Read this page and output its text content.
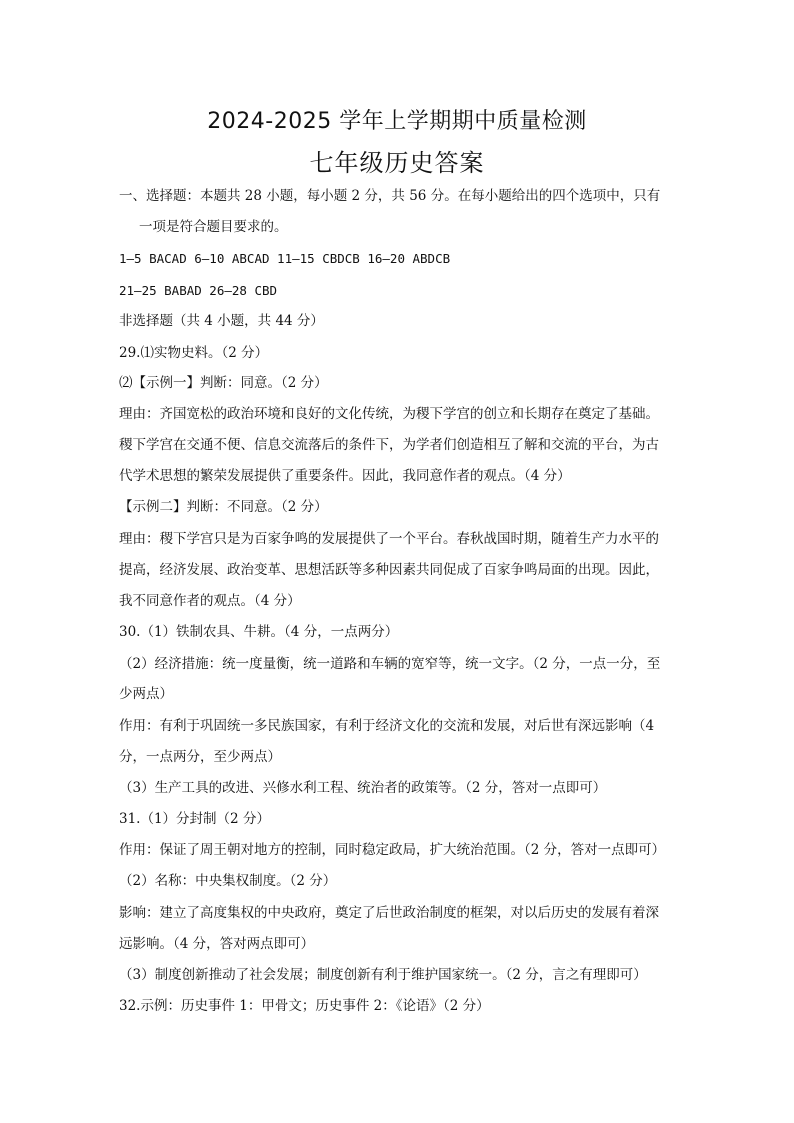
2024-2025 学年上学期期中质量检测
七年级历史答案
一、选择题：本题共 28 小题，每小题 2 分，共 56 分。在每小题给出的四个选项中，只有
一项是符合题目要求的。
1—5 BACAD 6—10 ABCAD 11—15 CBDCB 16—20 ABDCB
21—25 BABAD 26—28 CBD
非选择题（共 4 小题，共 44 分）
29.⑴实物史料。（2 分）
⑵【示例一】判断：同意。（2 分）
理由：齐国宽松的政治环境和良好的文化传统，为稷下学宫的创立和长期存在奠定了基础。
稷下学宫在交通不便、信息交流落后的条件下，为学者们创造相互了解和交流的平台，为古
代学术思想的繁荣发展提供了重要条件。因此，我同意作者的观点。（4 分）
【示例二】判断：不同意。（2 分）
理由：稷下学宫只是为百家争鸣的发展提供了一个平台。春秋战国时期，随着生产力水平的
提高，经济发展、政治变革、思想活跃等多种因素共同促成了百家争鸣局面的出现。因此，
我不同意作者的观点。（4 分）
30.（1）铁制农具、牛耕。（4 分，一点两分）
（2）经济措施：统一度量衡，统一道路和车辆的宽窄等，统一文字。（2 分，一点一分，至
少两点）
作用：有利于巩固统一多民族国家，有利于经济文化的交流和发展，对后世有深远影响（4
分，一点两分，至少两点）
（3）生产工具的改进、兴修水利工程、统治者的政策等。（2 分，答对一点即可）
31.（1）分封制（2 分）
作用：保证了周王朝对地方的控制，同时稳定政局，扩大统治范围。（2 分，答对一点即可）
（2）名称：中央集权制度。（2 分）
影响：建立了高度集权的中央政府，奠定了后世政治制度的框架，对以后历史的发展有着深
远影响。（4 分，答对两点即可）
（3）制度创新推动了社会发展；制度创新有利于维护国家统一。（2 分，言之有理即可）
32.示例：历史事件 1：甲骨文；历史事件 2：《论语》（2 分）
